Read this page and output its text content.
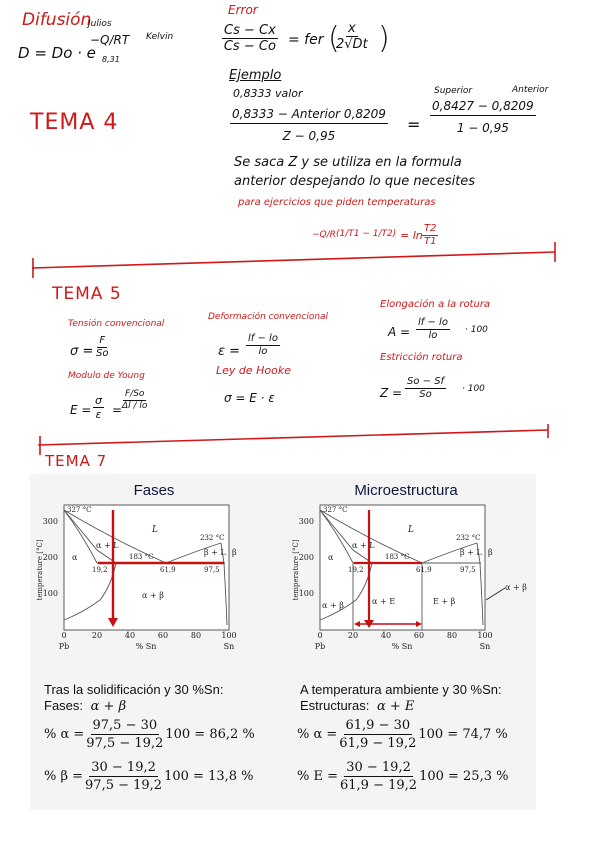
Difusión
Julios
Kelvin
D = Do · e
−Q/RT
8,31
TEMA 4
Error
$\frac{Cs - Cx}{Cs - Co}$ = fer (
$\frac{x}{2√Dt}$ )
Ejemplo
0,8333 valor
0,8333 − Anterior 0,8209
Z − 0,95
=
Superior	Anterior
$\frac{0,8427 - 0,8209}{1 - 0,95}$
Se saca Z y se utiliza en la formula
anterior despejando lo que necesites
para ejercicios que piden temperaturas
−Q/R $(1/T1 - 1/T2) = \ln \frac{T2}{T1}$
TEMA 5
Tensión convencional
$\sigma = \frac{F}{So}$
Modulo de Young
$E = \frac{\sigma}{\varepsilon} = \frac{F/So}{\Delta l / lo}$
Deformación convencional
$\varepsilon = \frac{lf - lo}{lo}$
Ley de Hooke
σ = E · ε
Elongación a la rotura
$A = \frac{lf - lo}{lo} \cdot 100$
Estricción rotura
$Z = \frac{So - Sf}{So} \cdot 100$
TEMA 7
Fases
300
200
100
0	20	40	60	80	100
Pb	% Sn	Sn
temperature [°C]
327 °C
232 °C
183 °C
19,2	61,9	97,5
L
α + L
β + L
α
β
α + β
Microestructura
300
200
100
0	20	40	60	80	100
Pb	% Sn	Sn
temperature [°C]
327 °C
232 °C
183 °C
19,2	61,9	97,5
L
α + L
β + L
α
β
α + β	α + E	E + β
α + β
Tras la solidificación y 30 %Sn:
Fases: α + β
% $\alpha = \frac{97,5 - 30}{97,5 - 19,2} 100 = 86,2$ %
% $\beta = \frac{30 - 19,2}{97,5 - 19,2} 100 = 13,8$ %
A temperatura ambiente y 30 %Sn:
Estructuras: α + E
% $\alpha = \frac{61,9 - 30}{61,9 - 19,2} 100 = 74,7$ %
% $E = \frac{30 - 19,2}{61,9 - 19,2} 100 = 25,3$ %
